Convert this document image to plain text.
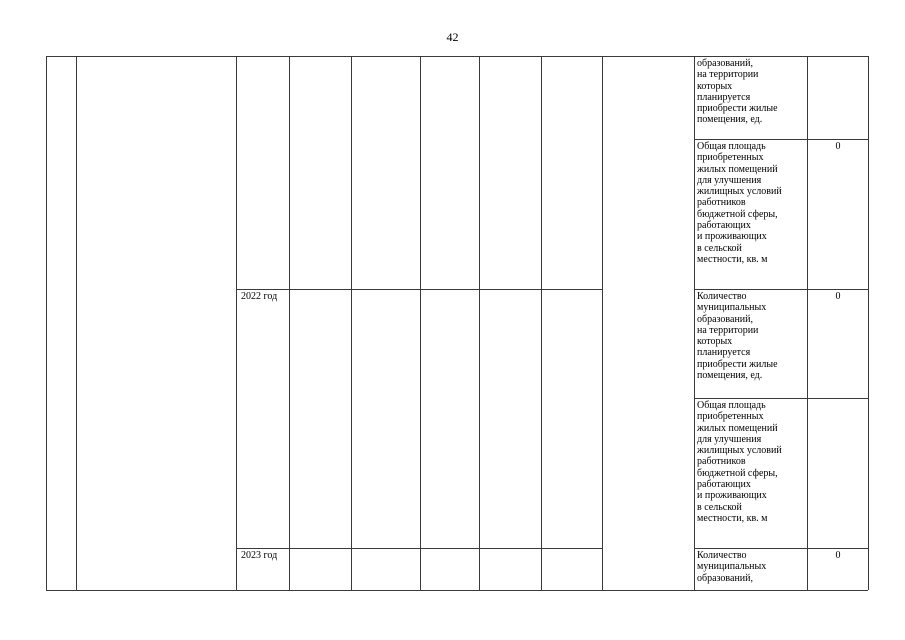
42
2022 год
2023 год
образований,
на территории
которых
планируется
приобрести жилые
помещения, ед.
Общая площадь
приобретенных
жилых помещений
для улучшения
жилищных условий
работников
бюджетной сферы,
работающих
и проживающих
в сельской
местности, кв. м
Количество
муниципальных
образований,
на территории
которых
планируется
приобрести жилые
помещения, ед.
Общая площадь
приобретенных
жилых помещений
для улучшения
жилищных условий
работников
бюджетной сферы,
работающих
и проживающих
в сельской
местности, кв. м
Количество
муниципальных
образований,
0
0
0
